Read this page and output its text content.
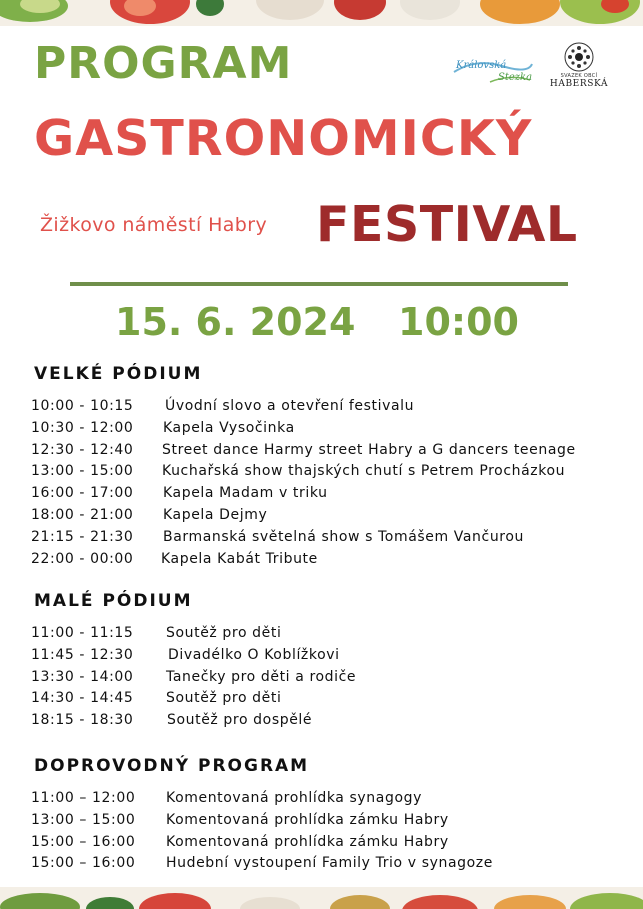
Královská
Stezka	SVAZEK OBCÍ
HABERSKÁ
PROGRAM
GASTRONOMICKÝ
Žižkovo náměstí Habry FESTIVAL
15. 6. 2024 10:00
VELKÉ PÓDIUM
10:00 - 10:15 Úvodní slovo a otevření festivalu
10:30 - 12:00 Kapela Vysočinka
12:30 - 12:40 Street dance Harmy street Habry a G dancers teenage
13:00 - 15:00 Kuchařská show thajských chutí s Petrem Procházkou
16:00 - 17:00 Kapela Madam v triku
18:00 - 21:00 Kapela Dejmy
21:15 - 21:30 Barmanská světelná show s Tomášem Vančurou
22:00 - 00:00 Kapela Kabát Tribute
MALÉ PÓDIUM
11:00 - 11:15 Soutěž pro děti
11:45 - 12:30 Divadélko O Koblížkovi
13:30 - 14:00 Tanečky pro děti a rodiče
14:30 - 14:45 Soutěž pro děti
18:15 - 18:30 Soutěž pro dospělé
DOPROVODNÝ PROGRAM
11:00 – 12:00 Komentovaná prohlídka synagogy
13:00 – 15:00 Komentovaná prohlídka zámku Habry
15:00 – 16:00 Komentovaná prohlídka zámku Habry
15:00 – 16:00 Hudební vystoupení Family Trio v synagoze
